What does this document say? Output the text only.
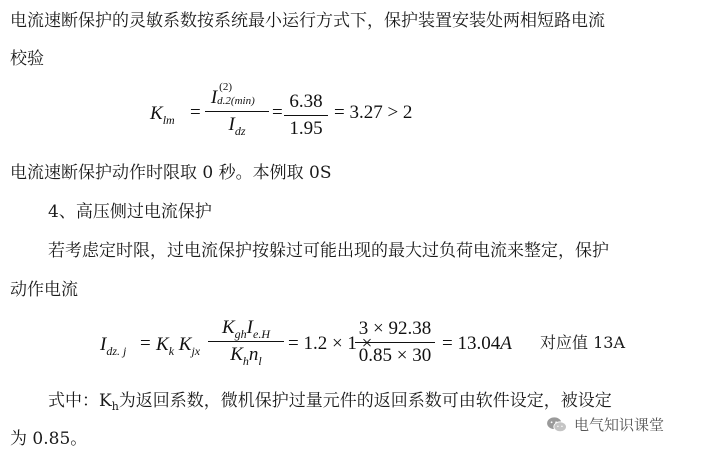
电流速断保护的灵敏系数按系统最小运行方式下，保护装置安装处两相短路电流
校验
$K_{lm}$ =
I (2)
d.2(min)
$I_{dz}$
=
6.38
1.95
= 3.27 > 2
电流速断保护动作时限取 0 秒。本例取 0S
4、高压侧过电流保护
若考虑定时限，过电流保护按躲过可能出现的最大过负荷电流来整定，保护
动作电流
$I_{dz. j} = K_k$ $K_{jx}$
$K_{gh}I_{e.H}$
$K_hn_l$
= 1.2 × 1 ×
3 × 92.38
0.85 × 30
= 13.04A 对应值 13A
式中：$K_h$为返回系数，微机保护过量元件的返回系数可由软件设定，被设定
为 0.85。
电气知识课堂
